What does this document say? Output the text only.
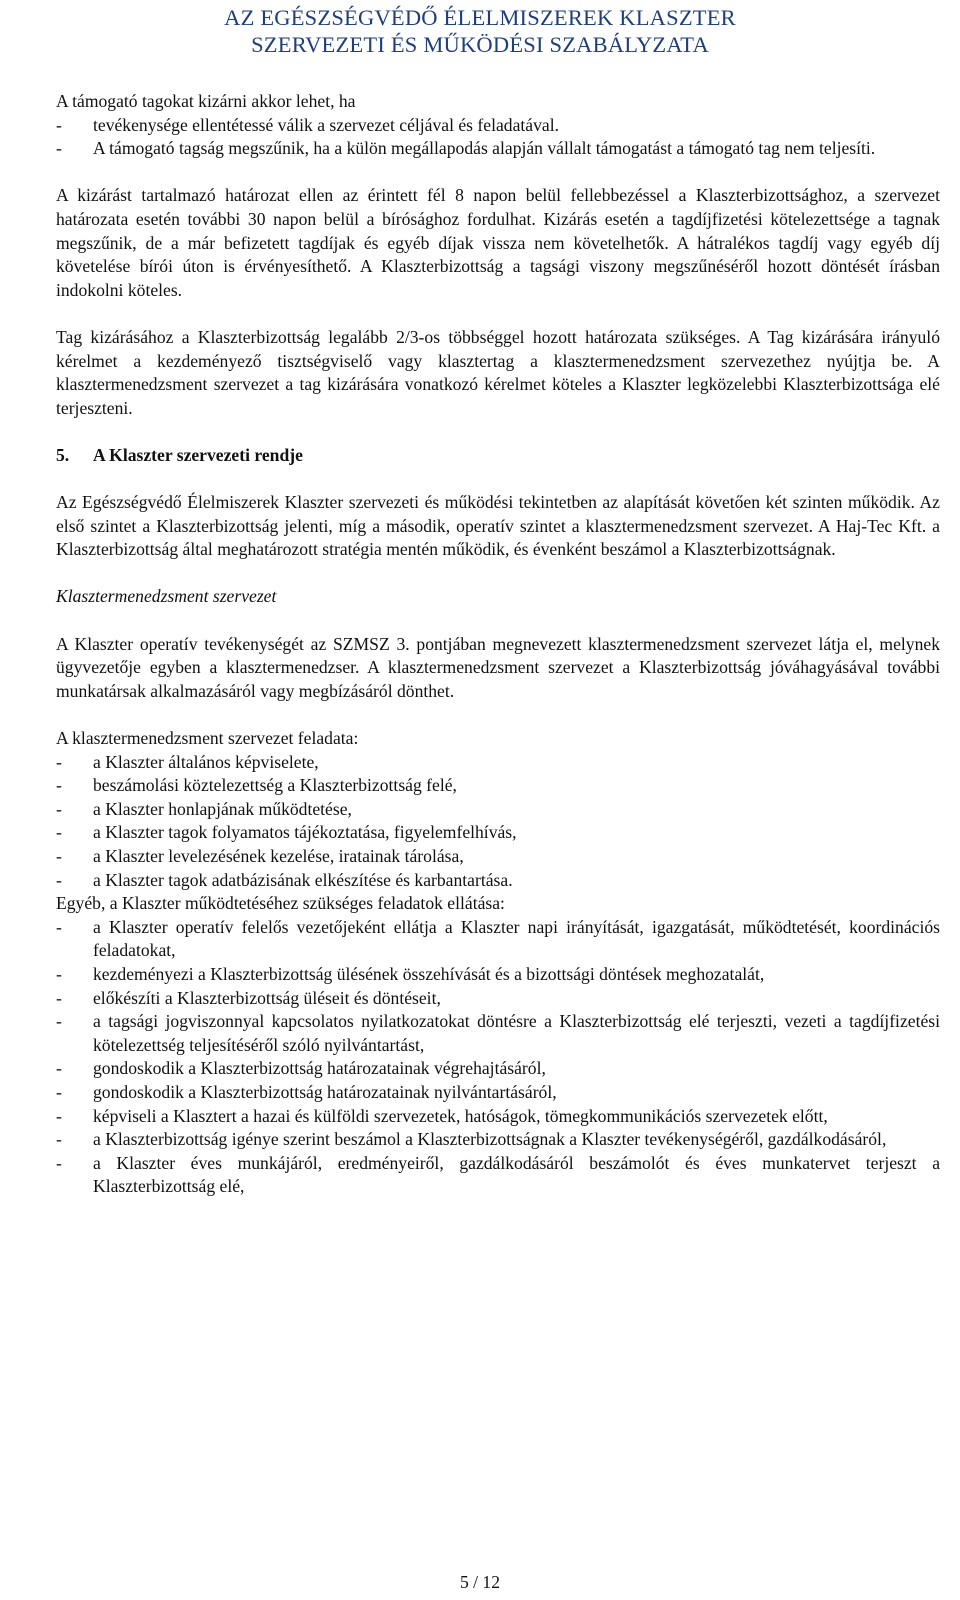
AZ EGÉSZSÉGVÉDŐ ÉLELMISZEREK KLASZTER
SZERVEZETI ÉS MŰKÖDÉSI SZABÁLYZATA

A támogató tagokat kizárni akkor lehet, ha

-	tevékenysége ellentétessé válik a szervezet céljával és feladatával.
-	A támogató tagság megszűnik, ha a külön megállapodás alapján vállalt támogatást a támogató tag nem teljesíti.

A kizárást tartalmazó határozat ellen az érintett fél 8 napon belül fellebbezéssel a Klaszterbizottsághoz, a szervezet határozata esetén további 30 napon belül a bírósághoz fordulhat. Kizárás esetén a tagdíjfizetési kötelezettsége a tagnak megszűnik, de a már befizetett tagdíjak és egyéb díjak vissza nem követelhetők. A hátralékos tagdíj vagy egyéb díj követelése bírói úton is érvényesíthető. A Klaszterbizottság a tagsági viszony megszűnéséről hozott döntését írásban indokolni köteles.

Tag kizárásához a Klaszterbizottság legalább 2/3-os többséggel hozott határozata szükséges. A Tag kizárására irányuló kérelmet a kezdeményező tisztségviselő vagy klasztertag a klasztermenedzsment szervezethez nyújtja be. A klasztermenedzsment szervezet a tag kizárására vonatkozó kérelmet köteles a Klaszter legközelebbi Klaszterbizottsága elé terjeszteni.

5.	A Klaszter szervezeti rendje

Az Egészségvédő Élelmiszerek Klaszter szervezeti és működési tekintetben az alapítását követően két szinten működik. Az első szintet a Klaszterbizottság jelenti, míg a második, operatív szintet a klasztermenedzsment szervezet. A Haj-Tec Kft. a Klaszterbizottság által meghatározott stratégia mentén működik, és évenként beszámol a Klaszterbizottságnak.

Klasztermenedzsment szervezet

A Klaszter operatív tevékenységét az SZMSZ 3. pontjában megnevezett klasztermenedzsment szervezet látja el, melynek ügyvezetője egyben a klasztermenedzser. A klasztermenedzsment szervezet a Klaszterbizottság jóváhagyásával további munkatársak alkalmazásáról vagy megbízásáról dönthet.

A klasztermenedzsment szervezet feladata:

-	a Klaszter általános képviselete,
-	beszámolási köztelezettség a Klaszterbizottság felé,
-	a Klaszter honlapjának működtetése,
-	a Klaszter tagok folyamatos tájékoztatása, figyelemfelhívás,
-	a Klaszter levelezésének kezelése, iratainak tárolása,
-	a Klaszter tagok adatbázisának elkészítése és karbantartása.

Egyéb, a Klaszter működtetéséhez szükséges feladatok ellátása:

-	a Klaszter operatív felelős vezetőjeként ellátja a Klaszter napi irányítását, igazgatását, működtetését, koordinációs feladatokat,
-	kezdeményezi a Klaszterbizottság ülésének összehívását és a bizottsági döntések meghozatalát,
-	előkészíti a Klaszterbizottság üléseit és döntéseit,
-	a tagsági jogviszonnyal kapcsolatos nyilatkozatokat döntésre a Klaszterbizottság elé terjeszti, vezeti a tagdíjfizetési kötelezettség teljesítéséről szóló nyilvántartást,
-	gondoskodik a Klaszterbizottság határozatainak végrehajtásáról,
-	gondoskodik a Klaszterbizottság határozatainak nyilvántartásáról,
-	képviseli a Klasztert a hazai és külföldi szervezetek, hatóságok, tömegkommunikációs szervezetek előtt,
-	a Klaszterbizottság igénye szerint beszámol a Klaszterbizottságnak a Klaszter tevékenységéről, gazdálkodásáról,
-	a Klaszter éves munkájáról, eredményeiről, gazdálkodásáról beszámolót és éves munkatervet terjeszt a Klaszterbizottság elé,
5 / 12
